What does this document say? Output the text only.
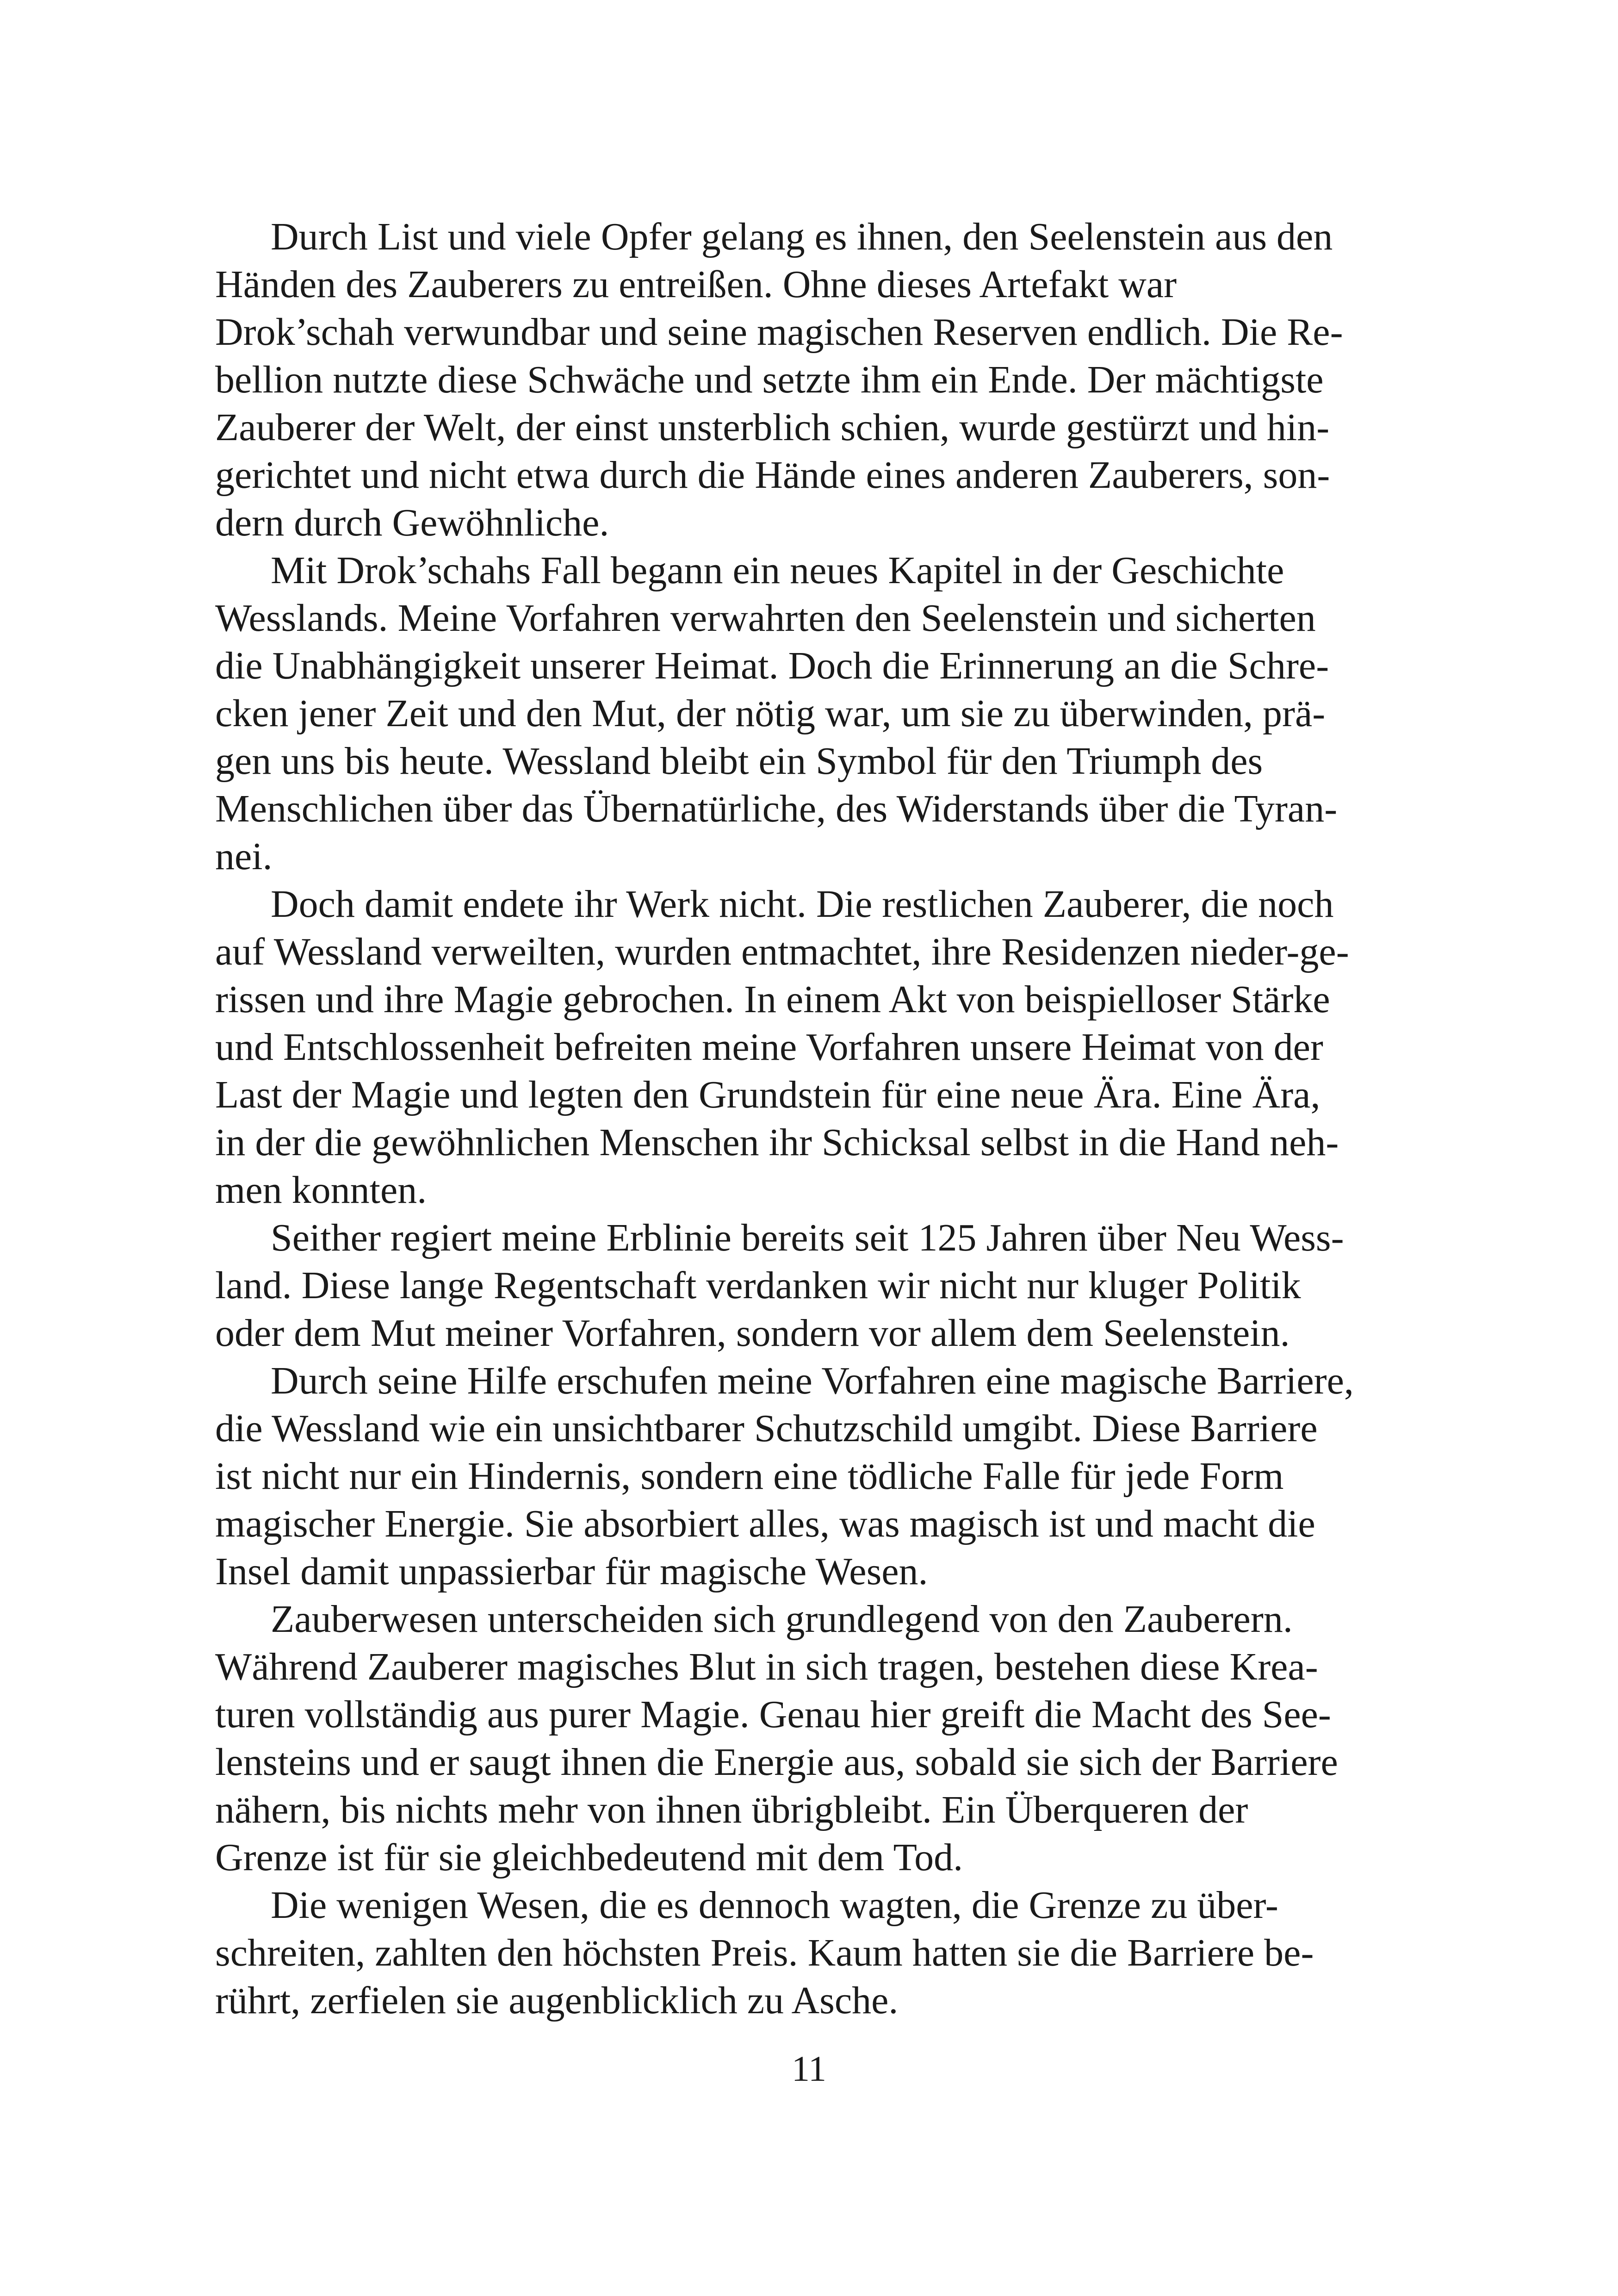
Durch List und viele Opfer gelang es ihnen, den Seelenstein aus den
Händen des Zauberers zu entreißen. Ohne dieses Artefakt war
Drok’schah verwundbar und seine magischen Reserven endlich. Die Re-
bellion nutzte diese Schwäche und setzte ihm ein Ende. Der mächtigste
Zauberer der Welt, der einst unsterblich schien, wurde gestürzt und hin-
gerichtet und nicht etwa durch die Hände eines anderen Zauberers, son-
dern durch Gewöhnliche.
Mit Drok’schahs Fall begann ein neues Kapitel in der Geschichte
Wesslands. Meine Vorfahren verwahrten den Seelenstein und sicherten
die Unabhängigkeit unserer Heimat. Doch die Erinnerung an die Schre-
cken jener Zeit und den Mut, der nötig war, um sie zu überwinden, prä-
gen uns bis heute. Wessland bleibt ein Symbol für den Triumph des
Menschlichen über das Übernatürliche, des Widerstands über die Tyran-
nei.
Doch damit endete ihr Werk nicht. Die restlichen Zauberer, die noch
auf Wessland verweilten, wurden entmachtet, ihre Residenzen nieder-ge-
rissen und ihre Magie gebrochen. In einem Akt von beispielloser Stärke
und Entschlossenheit befreiten meine Vorfahren unsere Heimat von der
Last der Magie und legten den Grundstein für eine neue Ära. Eine Ära,
in der die gewöhnlichen Menschen ihr Schicksal selbst in die Hand neh-
men konnten.
Seither regiert meine Erblinie bereits seit 125 Jahren über Neu Wess-
land. Diese lange Regentschaft verdanken wir nicht nur kluger Politik
oder dem Mut meiner Vorfahren, sondern vor allem dem Seelenstein.
Durch seine Hilfe erschufen meine Vorfahren eine magische Barriere,
die Wessland wie ein unsichtbarer Schutzschild umgibt. Diese Barriere
ist nicht nur ein Hindernis, sondern eine tödliche Falle für jede Form
magischer Energie. Sie absorbiert alles, was magisch ist und macht die
Insel damit unpassierbar für magische Wesen.
Zauberwesen unterscheiden sich grundlegend von den Zauberern.
Während Zauberer magisches Blut in sich tragen, bestehen diese Krea-
turen vollständig aus purer Magie. Genau hier greift die Macht des See-
lensteins und er saugt ihnen die Energie aus, sobald sie sich der Barriere
nähern, bis nichts mehr von ihnen übrigbleibt. Ein Überqueren der
Grenze ist für sie gleichbedeutend mit dem Tod.
Die wenigen Wesen, die es dennoch wagten, die Grenze zu über-
schreiten, zahlten den höchsten Preis. Kaum hatten sie die Barriere be-
rührt, zerfielen sie augenblicklich zu Asche.
11
